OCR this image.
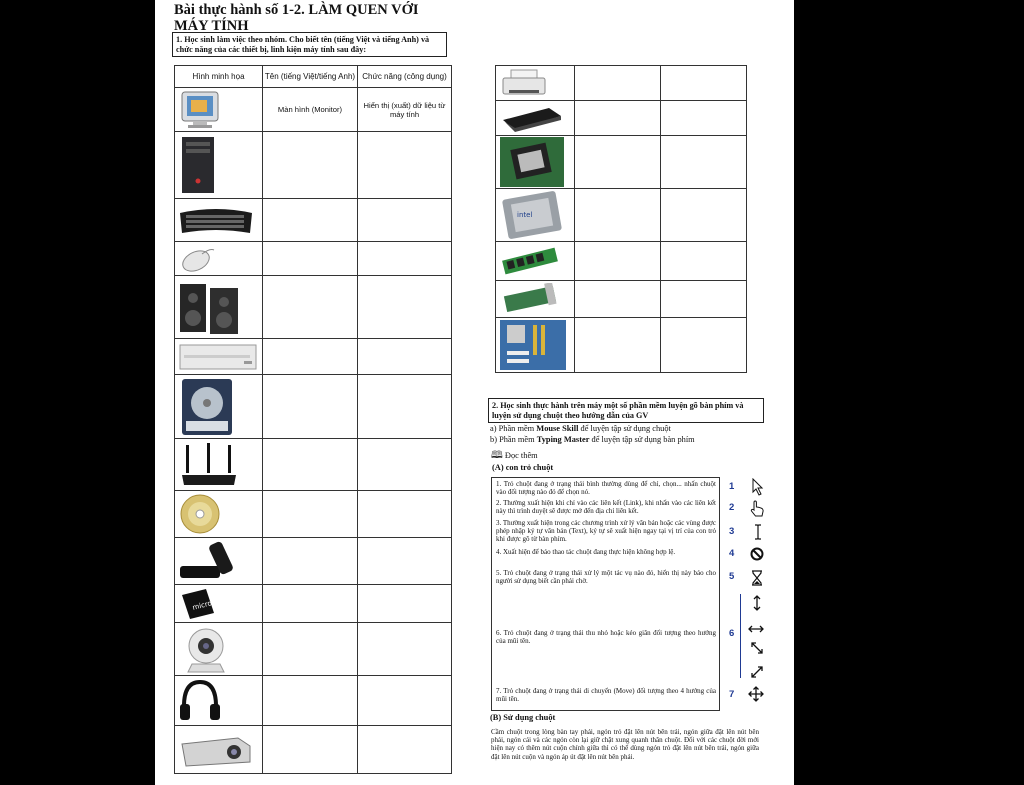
Bài thực hành số 1-2. LÀM QUEN VỚI MÁY TÍNH
1. Học sinh làm việc theo nhóm. Cho biết tên (tiếng Việt và tiếng Anh) và chức năng của các thiết bị, linh kiện máy tính sau đây:
Hình minh họa	Tên (tiếng Việt/tiếng Anh)	Chức năng (công dụng)

	Màn hình (Monitor)	Hiển thị (xuất) dữ liệu từ máy tính

micro		

intel		

2. Học sinh thực hành trên máy một số phần mềm luyện gõ bàn phím và luyện sử dụng chuột theo hướng dẫn của GV
a) Phần mềm Mouse Skill để luyện tập sử dụng chuột
b) Phần mềm Typing Master để luyện tập sử dụng bàn phím
🕮 Đọc thêm
(A) con trỏ chuột
1. Trỏ chuột đang ở trạng thái bình thường dùng để chỉ, chọn... nhấn chuột vào đối tượng nào đó để chọn nó.
2. Thường xuất hiện khi chỉ vào các liên kết (Link), khi nhấn vào các liên kết này thì trình duyệt sẽ được mở đến địa chỉ liên kết.
3. Thường xuất hiện trong các chương trình xử lý văn bản hoặc các vùng được phép nhập ký tự văn bản (Text), ký tự sẽ xuất hiện ngay tại vị trí của con trỏ khi được gõ từ bàn phím.
4. Xuất hiện để báo thao tác chuột đang thực hiện không hợp lệ.
5. Trỏ chuột đang ở trạng thái xử lý một tác vụ nào đó, hiển thị này báo cho người sử dụng biết cần phải chờ.
6. Trỏ chuột đang ở trạng thái thu nhỏ hoặc kéo giãn đối tượng theo hướng của mũi tên.
7. Trỏ chuột đang ở trạng thái di chuyển (Move) đối tượng theo 4 hướng của mũi tên.
1
2
3
4
5
6
7
(B) Sử dụng chuột
Cầm chuột trong lòng bàn tay phải, ngón trỏ đặt lên nút bên trái, ngón giữa đặt lên nút bên phải, ngón cái và các ngón còn lại giữ chặt xung quanh thân chuột. Đối với các chuột đời mới hiện nay có thêm nút cuộn chính giữa thì có thể dùng ngón trỏ đặt lên nút bên trái, ngón giữa đặt lên nút cuộn và ngón áp út đặt lên nút bên phải.
